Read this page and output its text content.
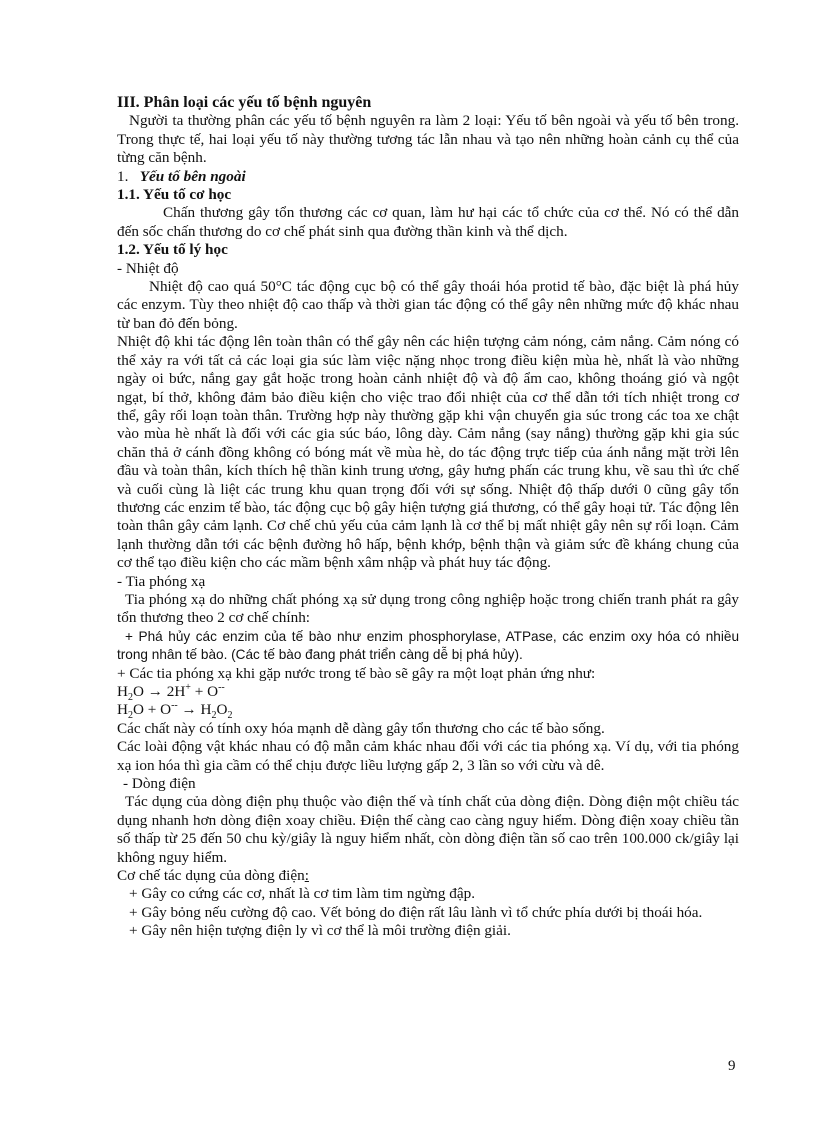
III. Phân loại các yếu tố bệnh nguyên

Người ta thường phân các yếu tố bệnh nguyên ra làm 2 loại: Yếu tố bên ngoài và yếu tố bên trong. Trong thực tế, hai loại yếu tố này thường tương tác lẫn nhau và tạo nên những hoàn cảnh cụ thể của từng căn bệnh.

1. Yếu tố bên ngoài

1.1. Yếu tố cơ học

Chấn thương gây tổn thương các cơ quan, làm hư hại các tổ chức của cơ thể. Nó có thể dẫn đến sốc chấn thương do cơ chế phát sinh qua đường thần kinh và thể dịch.

1.2. Yếu tố lý học

- Nhiệt độ

Nhiệt độ cao quá 50°C tác động cục bộ có thể gây thoái hóa protid tế bào, đặc biệt là phá hủy các enzym. Tùy theo nhiệt độ cao thấp và thời gian tác động có thể gây nên những mức độ khác nhau từ ban đỏ đến bỏng.

Nhiệt độ khi tác động lên toàn thân có thể gây nên các hiện tượng cảm nóng, cảm nắng. Cảm nóng có thể xảy ra với tất cả các loại gia súc làm việc nặng nhọc trong điều kiện mùa hè, nhất là vào những ngày oi bức, nắng gay gắt hoặc trong hoàn cảnh nhiệt độ và độ ẩm cao, không thoáng gió và ngột ngạt, bí thở, không đảm bảo điều kiện cho việc trao đổi nhiệt của cơ thể dẫn tới tích nhiệt trong cơ thể, gây rối loạn toàn thân. Trường hợp này thường gặp khi vận chuyển gia súc trong các toa xe chật vào mùa hè nhất là đối với các gia súc báo, lông dày. Cảm nắng (say nắng) thường gặp khi gia súc chăn thả ở cánh đồng không có bóng mát về mùa hè, do tác động trực tiếp của ánh nắng mặt trời lên đầu và toàn thân, kích thích hệ thần kinh trung ương, gây hưng phấn các trung khu, về sau thì ức chế và cuối cùng là liệt các trung khu quan trọng đối với sự sống. Nhiệt độ thấp dưới 0 cũng gây tổn thương các enzim tế bào, tác động cục bộ gây hiện tượng giá thương, có thể gây hoại tử. Tác động lên toàn thân gây cảm lạnh. Cơ chế chủ yếu của cảm lạnh là cơ thể bị mất nhiệt gây nên sự rối loạn. Cảm lạnh thường dẫn tới các bệnh đường hô hấp, bệnh khớp, bệnh thận và giảm sức đề kháng chung của cơ thể tạo điều kiện cho các mầm bệnh xâm nhập và phát huy tác động.

- Tia phóng xạ

Tia phóng xạ do những chất phóng xạ sử dụng trong công nghiệp hoặc trong chiến tranh phát ra gây tổn thương theo 2 cơ chế chính:

+ Phá hủy các enzim của tế bào như enzim phosphorylase, ATPase, các enzim oxy hóa có nhiều trong nhân tế bào. (Các tế bào đang phát triển càng dễ bị phá hủy).

+ Các tia phóng xạ khi gặp nước trong tế bào sẽ gây ra một loạt phản ứng như:

$H_2O \to 2H^+ + O^{--}$

$H_2O + O^{--} \to H_2O_2$

Các chất này có tính oxy hóa mạnh dễ dàng gây tổn thương cho các tế bào sống.

Các loài động vật khác nhau có độ mẫn cảm khác nhau đối với các tia phóng xạ. Ví dụ, với tia phóng xạ ion hóa thì gia cầm có thể chịu được liều lượng gấp 2, 3 lần so với cừu và dê.

- Dòng điện

Tác dụng của dòng điện phụ thuộc vào điện thế và tính chất của dòng điện. Dòng điện một chiều tác dụng nhanh hơn dòng điện xoay chiều. Điện thế càng cao càng nguy hiểm. Dòng điện xoay chiều tần số thấp từ 25 đến 50 chu kỳ/giây là nguy hiểm nhất, còn dòng điện tần số cao trên 100.000 ck/giây lại không nguy hiểm.

Cơ chế tác dụng của dòng điện:

+ Gây co cứng các cơ, nhất là cơ tim làm tim ngừng đập.

+ Gây bỏng nếu cường độ cao. Vết bỏng do điện rất lâu lành vì tổ chức phía dưới bị thoái hóa.

+ Gây nên hiện tượng điện ly vì cơ thể là môi trường điện giải.

9
